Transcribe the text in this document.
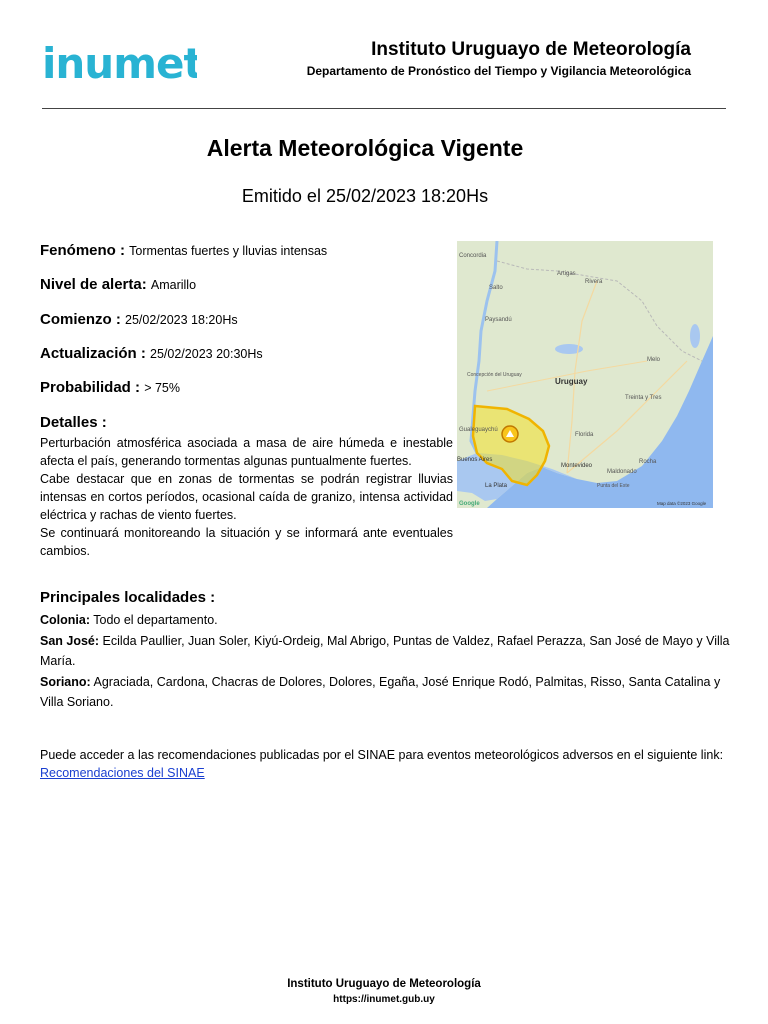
inumet	Instituto Uruguayo de Meteorología
Departamento de Pronóstico del Tiempo y Vigilancia Meteorológica
Alerta Meteorológica Vigente
Emitido el 25/02/2023 18:20Hs
Fenómeno : Tormentas fuertes y lluvias intensas
Nivel de alerta: Amarillo
Comienzo : 25/02/2023 18:20Hs
Actualización : 25/02/2023 20:30Hs
Probabilidad : > 75%
Detalles :

Perturbación atmosférica asociada a masa de aire húmeda e inestable afecta el país, generando tormentas algunas puntualmente fuertes.

Cabe destacar que en zonas de tormentas se podrán registrar lluvias intensas en cortos períodos, ocasional caída de granizo, intensa actividad eléctrica y rachas de viento fuertes.

Se continuará monitoreando la situación y se informará ante eventuales cambios.

Uruguay
Montevideo
Buenos Aires
La Plata
Rivera
Salto
Artigas
Melo
Paysandú
Treinta y Tres
Rocha
Maldonado
Concordia
Gualeguaychú
Concepción del Uruguay
Punta del Este
Florida
Google	Map data ©2023 Google
Principales localidades :

Colonia: Todo el departamento.

San José: Ecilda Paullier, Juan Soler, Kiyú-Ordeig, Mal Abrigo, Puntas de Valdez, Rafael Perazza, San José de Mayo y Villa María.

Soriano: Agraciada, Cardona, Chacras de Dolores, Dolores, Egaña, José Enrique Rodó, Palmitas, Risso, Santa Catalina y Villa Soriano.

Puede acceder a las recomendaciones publicadas por el SINAE para eventos meteorológicos adversos en el siguiente link: Recomendaciones del SINAE
Instituto Uruguayo de Meteorología
https://inumet.gub.uy
